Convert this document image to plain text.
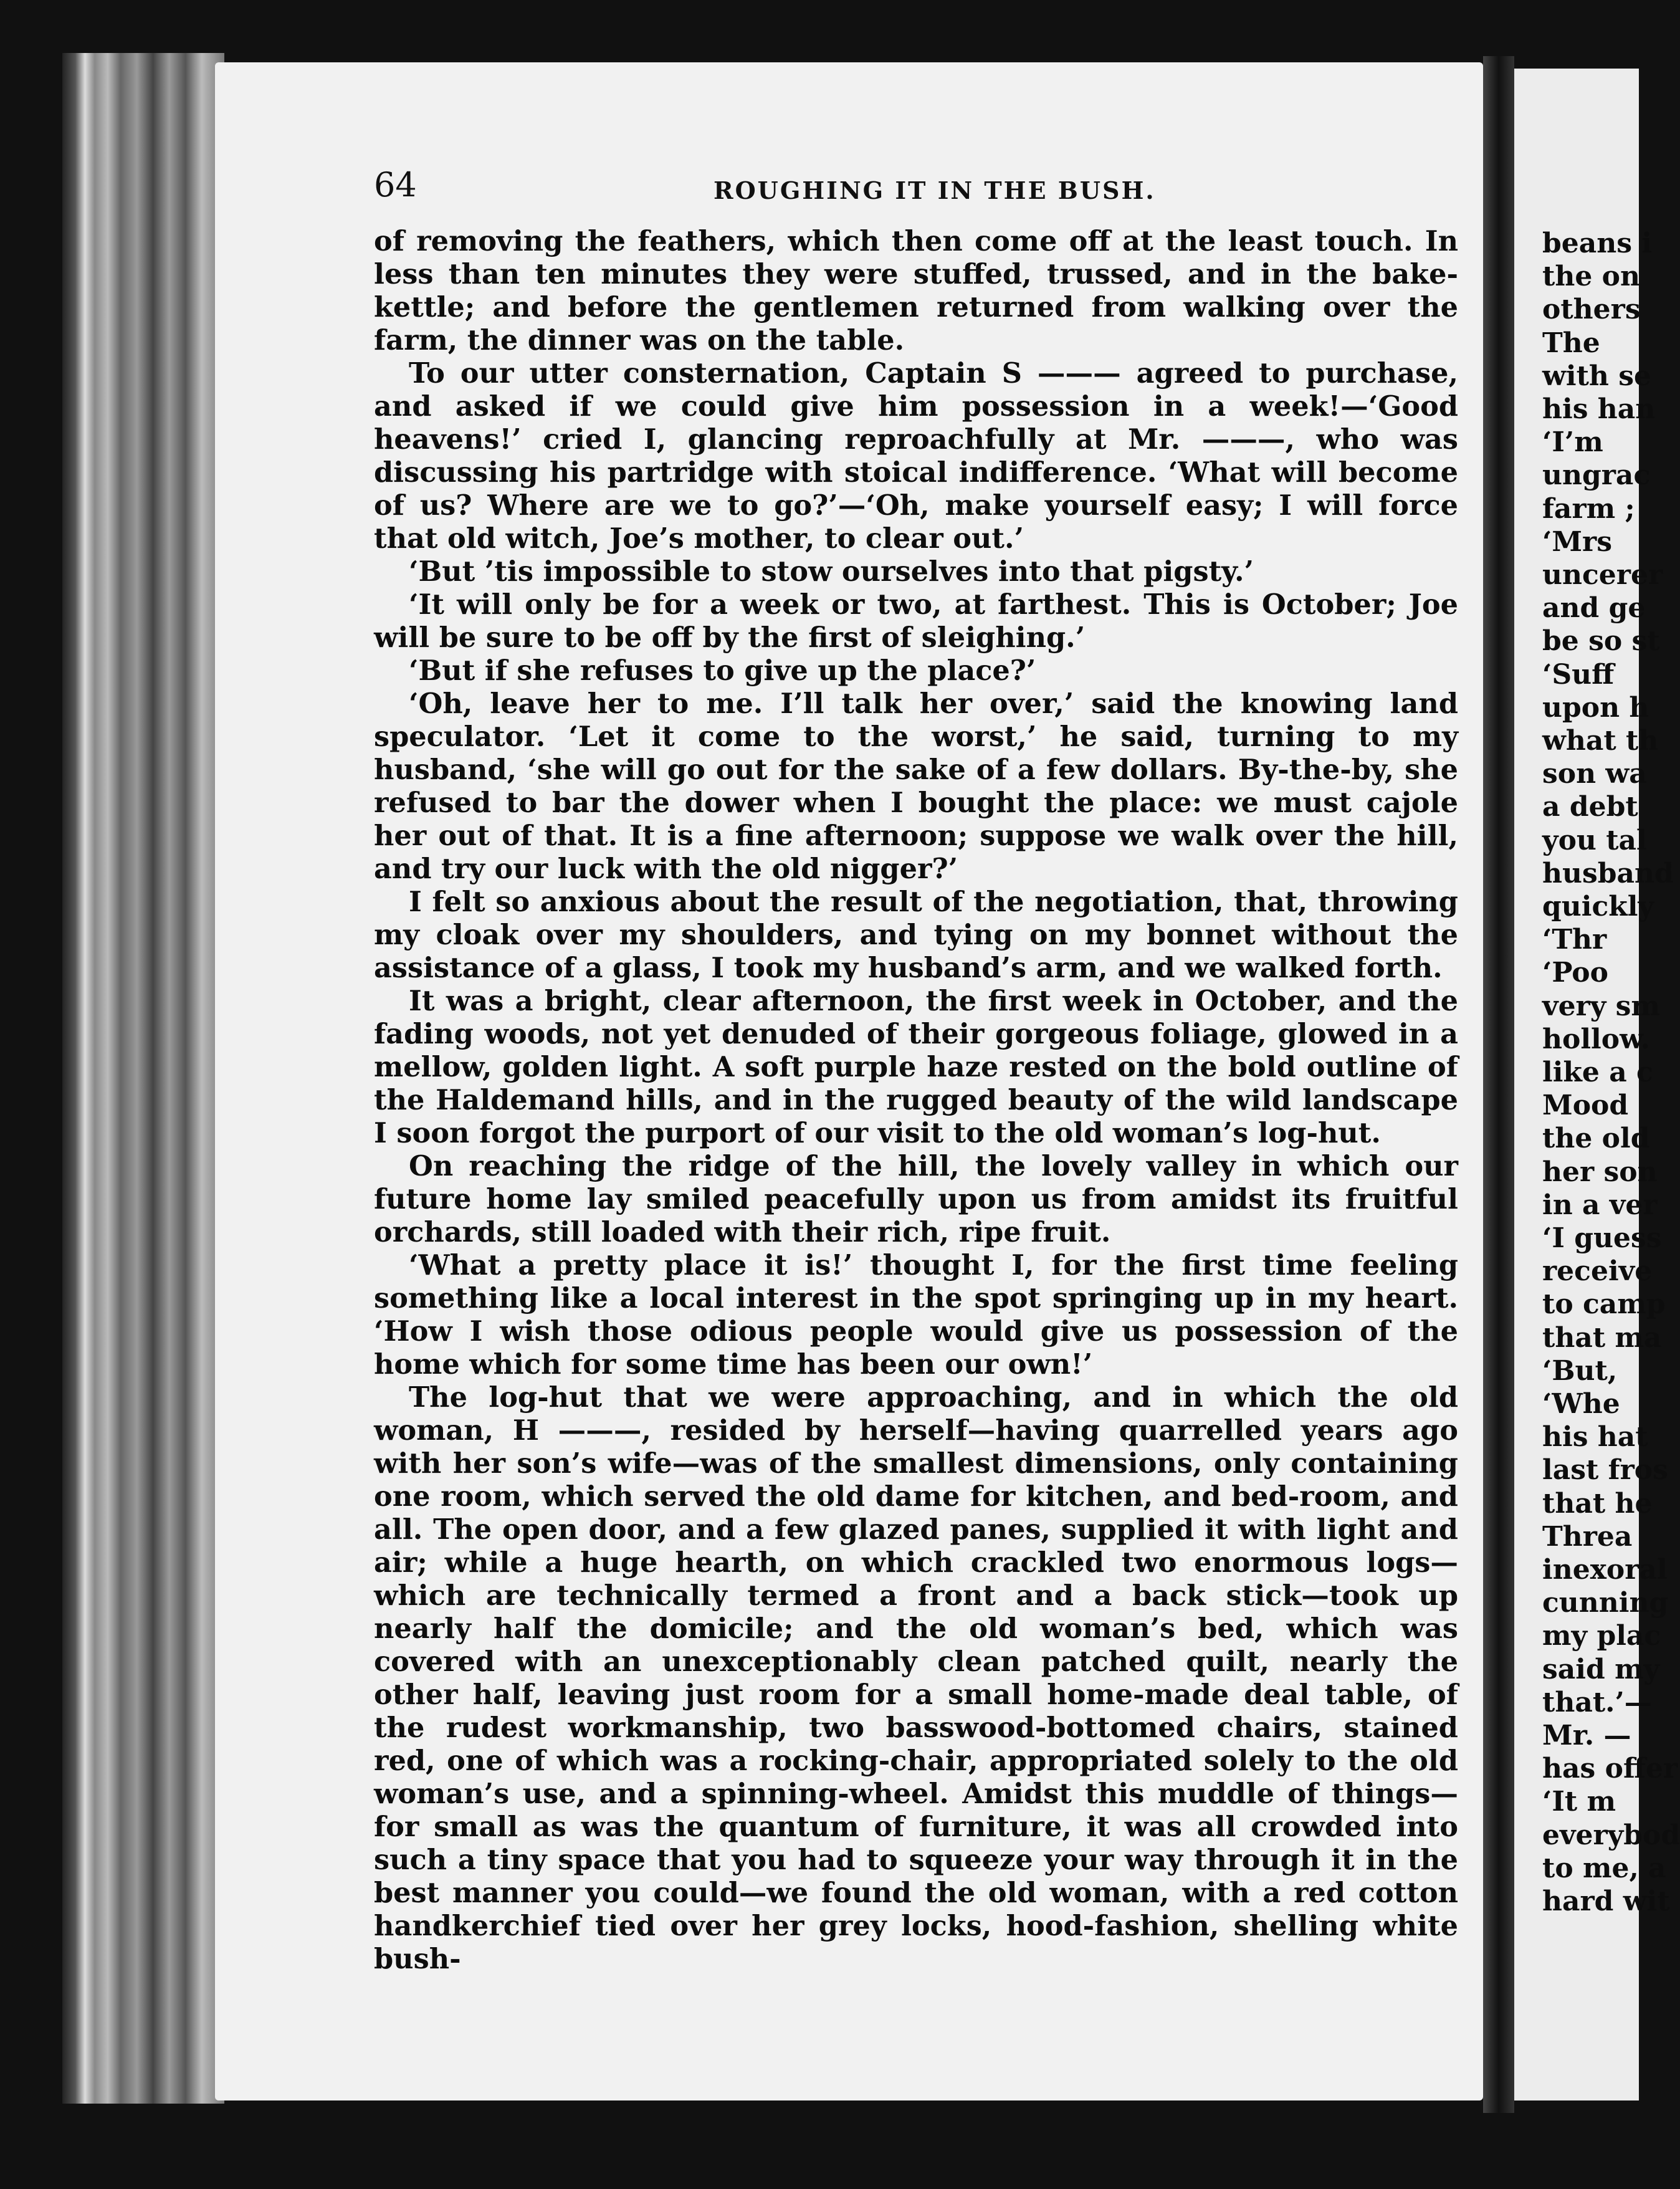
64	ROUGHING IT IN THE BUSH.

of removing the feathers, which then come off at the least touch. In less than ten minutes they were stuffed, trussed, and in the bake-kettle; and before the gentlemen returned from walking over the farm, the dinner was on the table.

To our utter consternation, Captain S ——— agreed to purchase, and asked if we could give him possession in a week!—‘Good heavens!’ cried I, glancing reproachfully at Mr. ———, who was discussing his partridge with stoical indifference. ‘What will become of us? Where are we to go?’—‘Oh, make yourself easy; I will force that old witch, Joe’s mother, to clear out.’

‘But ’tis impossible to stow ourselves into that pigsty.’

‘It will only be for a week or two, at farthest. This is October; Joe will be sure to be off by the first of sleighing.’

‘But if she refuses to give up the place?’

‘Oh, leave her to me. I’ll talk her over,’ said the knowing land speculator. ‘Let it come to the worst,’ he said, turning to my husband, ‘she will go out for the sake of a few dollars. By-the-by, she refused to bar the dower when I bought the place: we must cajole her out of that. It is a fine afternoon; suppose we walk over the hill, and try our luck with the old nigger?’

I felt so anxious about the result of the negotiation, that, throwing my cloak over my shoulders, and tying on my bonnet without the assistance of a glass, I took my husband’s arm, and we walked forth.

It was a bright, clear afternoon, the first week in October, and the fading woods, not yet denuded of their gorgeous foliage, glowed in a mellow, golden light. A soft purple haze rested on the bold outline of the Haldemand hills, and in the rugged beauty of the wild landscape I soon forgot the purport of our visit to the old woman’s log-hut.

On reaching the ridge of the hill, the lovely valley in which our future home lay smiled peacefully upon us from amidst its fruitful orchards, still loaded with their rich, ripe fruit.

‘What a pretty place it is!’ thought I, for the first time feeling something like a local interest in the spot springing up in my heart. ‘How I wish those odious people would give us possession of the home which for some time has been our own!’

The log-hut that we were approaching, and in which the old woman, H ———, resided by herself—having quarrelled years ago with her son’s wife—was of the smallest dimensions, only containing one room, which served the old dame for kitchen, and bed-room, and all. The open door, and a few glazed panes, supplied it with light and air; while a huge hearth, on which crackled two enormous logs—which are technically termed a front and a back stick—took up nearly half the domicile; and the old woman’s bed, which was covered with an unexceptionably clean patched quilt, nearly the other half, leaving just room for a small home-made deal table, of the rudest workmanship, two basswood-bottomed chairs, stained red, one of which was a rocking-chair, appropriated solely to the old woman’s use, and a spinning-wheel. Amidst this muddle of things—for small as was the quantum of furniture, it was all crowded into such a tiny space that you had to squeeze your way through it in the best manner you could—we found the old woman, with a red cotton handkerchief tied over her grey locks, hood-fashion, shelling white bush-

beans i
the on
others
The
with se
his han
‘I’m
ungrac
farm ;
‘Mrs
uncerer
and ge
be so st
‘Suff
upon h
what th
son wa
a debt
you tal
husband
quickly
‘Thr
‘Poo
very sm
hollow.
like a c
Mood
the old
her son
in a ver
‘I guess
receive
to camp
that ma
‘But,
‘Whe
his hat
last fros
that he
Threa
inexoral
cunning
my plac
said my
that.’—
Mr. —
has offer
‘It m
everybod
to me, a
hard wit
